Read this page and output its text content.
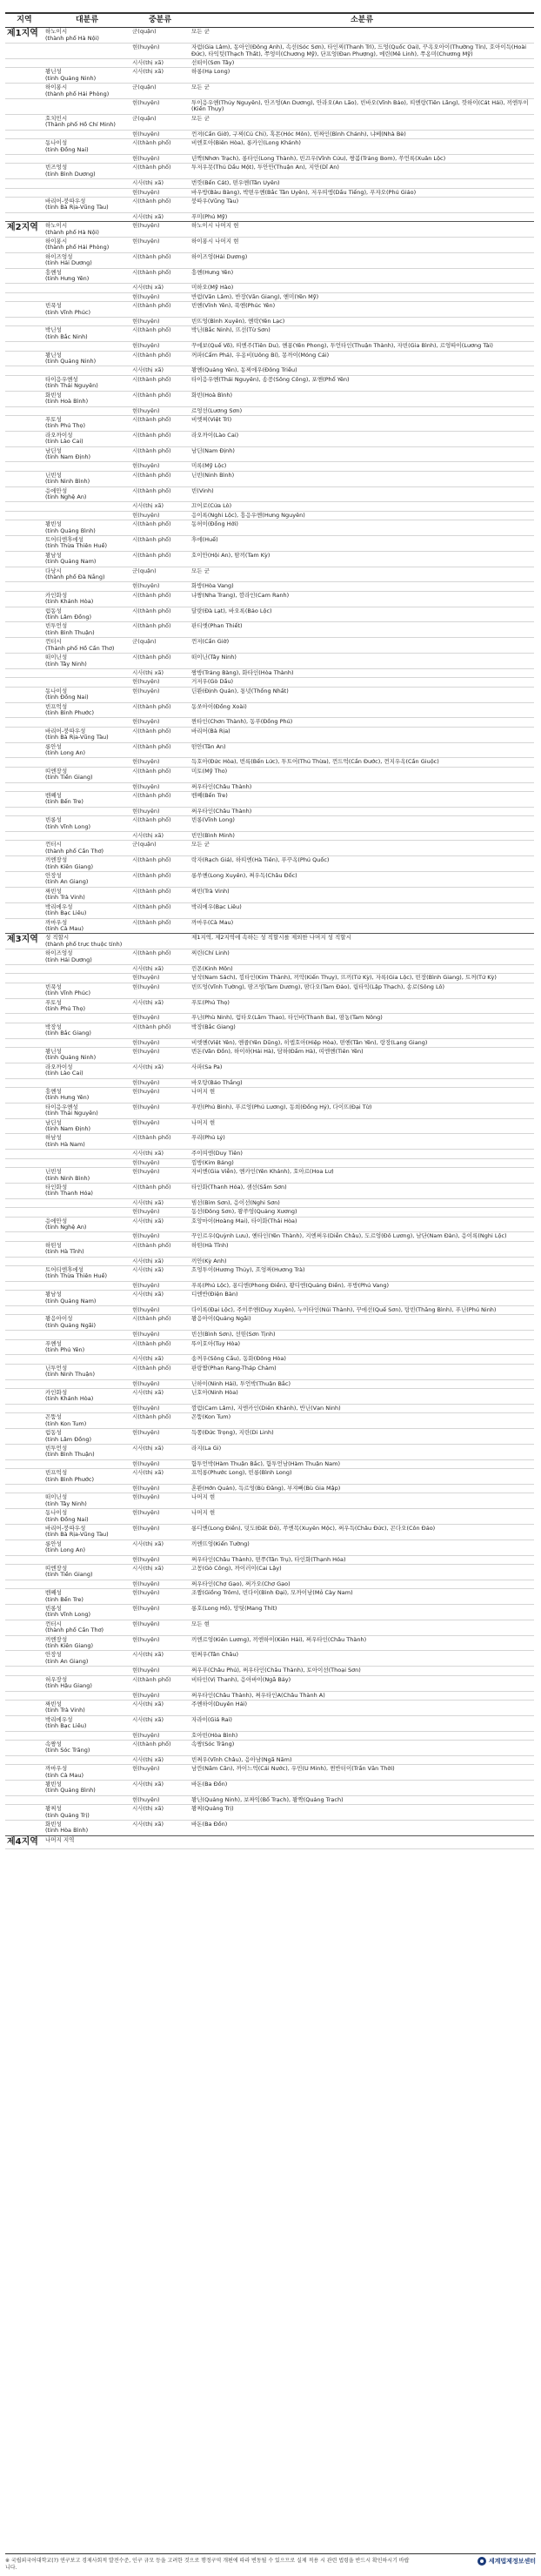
지역	대분류	중분류	소분류
제1지역	하노이시
(thành phố Hà Nội)	군(quận)	모든 군
		현(huyện)	자럼(Gia Lâm), 동아인(Đông Anh), 속선(Sóc Sơn), 타인찌(Thanh Trì), 드엉(Quốc Oai), 꾸옥오아이(Thường Tín), 호아이득(Hoài Đức), 타익텃(Thạch Thất), 쭈엉미(Chương Mỹ), 단프엉(Đan Phượng), 메린(Mê Linh), 쭈옹미(Chương Mỹ)
		시사(thị xã)	선떠이(Sơn Tây)
	꽝닌성
(tỉnh Quảng Ninh)	시사(thị xã)	하롱(Hạ Long)
	하이퐁시
(thành phố Hải Phòng)	군(quận)	모든 군
		현(huyện)	투이응우옌(Thủy Nguyên), 안즈엉(An Dương), 안라오(An Lão), 빈바오(Vĩnh Bảo), 띠엔랑(Tiên Lãng), 깟하이(Cát Hải), 끼엔투이(Kiến Thụy)
	호치민시
(Thành phố Hồ Chí Minh)	군(quận)	모든 군
		현(huyện)	껀져(Cần Giờ), 구찌(Củ Chi), 혹몬(Hóc Môn), 빈짜인(Bình Chánh), 냐베(Nhà Bè)
	동나이성
(tỉnh Đồng Nai)	시(thành phố)	비엔호아(Biên Hòa), 롱카인(Long Khánh)
		현(huyện)	년짝(Nhơn Trạch), 롱타인(Long Thành), 빈끄우(Vĩnh Cửu), 짱봄(Trảng Bom), 쑤언록(Xuân Lộc)
	빈즈엉성
(tỉnh Bình Dương)	시(thành phố)	투저우못(Thủ Dầu Một), 투안안(Thuận An), 지안(Dĩ An)
		시사(thị xã)	번깟(Bến Cát), 떤우옌(Tân Uyên)
		현(huyện)	바우방(Bàu Bàng), 박떤우옌(Bắc Tân Uyên), 저우띠엥(Dầu Tiếng), 푸쟈오(Phú Giáo)
	바리어-붕따우성
(tỉnh Bà Rịa-Vũng Tàu)	시(thành phố)	붕따우(Vũng Tàu)
		시사(thị xã)	푸미(Phú Mỹ)
제2지역	하노이시
(thành phố Hà Nội)	현(huyện)	하노이시 나머지 현
	하이퐁시
(thành phố Hải Phòng)	현(huyện)	하이퐁시 나머지 현
	하이즈엉성
(tỉnh Hải Dương)	시(thành phố)	하이즈엉(Hải Dương)
	흥옌성
(tỉnh Hưng Yên)	시(thành phố)	흥옌(Hưng Yên)
		시사(thị xã)	미하오(Mỹ Hào)
		현(huyện)	반럼(Văn Lâm), 반장(Văn Giang), 옌미(Yên Mỹ)
	빈푹성
(tỉnh Vĩnh Phúc)	시(thành phố)	빈옌(Vĩnh Yên), 푹옌(Phúc Yên)
		현(huyện)	빈뜨엉(Bình Xuyên), 옌락(Yên Lạc)
	박닌성
(tỉnh Bắc Ninh)	시(thành phố)	박닌(Bắc Ninh), 뜨선(Từ Sơn)
		현(huyện)	꾸에보(Quế Võ), 띠엔주(Tiên Du), 옌퐁(Yên Phong), 투언타인(Thuận Thành), 자빈(Gia Bình), 르엉따이(Lương Tài)
	꽝닌성
(tỉnh Quảng Ninh)	시(thành phố)	꺼파(Cẩm Phả), 우옹비(Uông Bí), 몽까이(Móng Cái)
		시사(thị xã)	꽝옌(Quảng Yên), 동찌에우(Đông Triều)
	타이응우옌성
(tỉnh Thái Nguyên)	시(thành phố)	타이응우옌(Thái Nguyên), 송꽁(Sông Công), 포옌(Phổ Yên)
	화빈성
(tỉnh Hoà Bình)	시(thành phố)	화빈(Hoà Bình)
		현(huyện)	르엉선(Lương Sơn)
	푸토성
(tỉnh Phú Thọ)	시(thành phố)	비엣찌(Việt Trì)
	라오까이성
(tỉnh Lào Cai)	시(thành phố)	라오까이(Lào Cai)
	남딘성
(tỉnh Nam Định)	시(thành phố)	남딘(Nam Định)
		현(huyện)	미록(Mỹ Lộc)
	닌빈성
(tỉnh Ninh Bình)	시(thành phố)	닌빈(Ninh Bình)
	응에안성
(tỉnh Nghệ An)	시(thành phố)	빈(Vinh)
		시사(thị xã)	끄어로(Cửa Lò)
		현(huyện)	응이록(Nghi Lộc), 흥응우옌(Hưng Nguyên)
	꽝빈성
(tỉnh Quảng Bình)	시(thành phố)	동허이(Đồng Hới)
	트어티엔후에성
(tỉnh Thừa Thiên Huế)	시(thành phố)	후에(Huế)
	꽝남성
(tỉnh Quảng Nam)	시(thành phố)	호이안(Hội An), 땀끼(Tam Kỳ)
	다낭시
(thành phố Đà Nẵng)	군(quận)	모든 군
		현(huyện)	화방(Hòa Vang)
	카인화성
(tỉnh Khánh Hòa)	시(thành phố)	냐짱(Nha Trang), 깜라인(Cam Ranh)
	럼동성
(tỉnh Lâm Đồng)	시(thành phố)	달랏(Đà Lạt), 바오록(Bảo Lộc)
	빈투언성
(tỉnh Bình Thuận)	시(thành phố)	판티엣(Phan Thiết)
	껀터시
(Thành phố Hồ Cần Thơ)	군(quận)	껀저(Cần Giờ)
	떠이닌성
(tỉnh Tây Ninh)	시(thành phố)	떠이닌(Tây Ninh)
		시사(thị xã)	짱방(Trảng Bàng), 화타인(Hòa Thành)
		현(huyện)	거저우(Gò Dầu)
	동나이성
(tỉnh Đồng Nai)	현(huyện)	딘꽌(Định Quán), 통녓(Thống Nhất)
	빈프억성
(tỉnh Bình Phước)	시(thành phố)	동쏘아이(Đồng Xoài)
		현(huyện)	짠타인(Chơn Thành), 동푸(Đồng Phú)
	바리어-붕따우성
(tỉnh Bà Rịa-Vũng Tàu)	시(thành phố)	바리어(Bà Rịa)
	롱안성
(tỉnh Long An)	시(thành phố)	떤안(Tân An)
		현(huyện)	득호아(Đức Hòa), 번륵(Bến Lức), 투트어(Thủ Thừa), 껀드억(Cần Đước), 껀지우옥(Cần Giuộc)
	띠엔장성
(tỉnh Tiền Giang)	시(thành phố)	미토(Mỹ Tho)
		현(huyện)	쩌우타인(Châu Thành)
	벤째성
(tỉnh Bến Tre)	시(thành phố)	벤째(Bến Tre)
		현(huyện)	쩌우타인(Châu Thành)
	빈롱성
(tỉnh Vĩnh Long)	시(thành phố)	빈롱(Vĩnh Long)
		시사(thị xã)	빈민(Bình Minh)
	껀터시
(thành phố Cần Thơ)	군(quận)	모든 군
	끼엔장성
(tỉnh Kiên Giang)	시(thành phố)	락자(Rạch Giá), 하띠엔(Hà Tiên), 푸꾸옥(Phú Quốc)
	안장성
(tỉnh An Giang)	시(thành phố)	롱쑤옌(Long Xuyên), 쩌우독(Châu Đốc)
	짜빈성
(tỉnh Trà Vinh)	시(thành phố)	짜빈(Trà Vinh)
	박리에우성
(tỉnh Bạc Liêu)	시(thành phố)	박리에우(Bạc Liêu)
	까마우성
(tỉnh Cà Mau)	시(thành phố)	까마우(Cà Mau)
제3지역	성 직할시
(thành phố trực thuộc tỉnh)		제1지역, 제2지역에 속하는 성 직할시를 제외한 나머지 성 직할시
	하이즈엉성
(tỉnh Hải Dương)	시(thành phố)	찌린(Chí Linh)
		시사(thị xã)	낀몬(Kinh Môn)
		현(huyện)	남삭(Nam Sách), 낌타인(Kim Thành), 끼악(Kiến Thụy), 뜨끼(Tứ Kỳ), 자록(Gia Lộc), 빈장(Bình Giang), 트꺼(Tứ Kỳ)
	빈푹성
(tỉnh Vĩnh Phúc)	현(huyện)	빈뜨엉(Vĩnh Tường), 땀즈엉(Tam Dương), 땀다오(Tam Đảo), 립타익(Lập Thạch), 송로(Sông Lô)
	푸토성
(tỉnh Phú Thọ)	시사(thị xã)	푸토(Phú Thọ)
		현(huyện)	푸닌(Phù Ninh), 럼타오(Lâm Thao), 타인바(Thanh Ba), 땀농(Tam Nông)
	박장성
(tỉnh Bắc Giang)	시(thành phố)	박장(Bắc Giang)
		현(huyện)	비엣옌(Việt Yên), 옌즁(Yên Dũng), 히엡호아(Hiệp Hòa), 떤옌(Tân Yên), 랑장(Lạng Giang)
	꽝닌성
(tỉnh Quảng Ninh)	현(huyện)	번돈(Vân Đồn), 하이하(Hải Hà), 담하(Đầm Hà), 띠엔옌(Tiên Yên)
	라오까이성
(tỉnh Lào Cai)	시사(thị xã)	사파(Sa Pa)
		현(huyện)	바오탕(Bảo Thắng)
	흥옌성
(tỉnh Hưng Yên)	현(huyện)	나머지 현
	타이응우옌성
(tỉnh Thái Nguyên)	현(huyện)	푸빈(Phú Bình), 푸르엉(Phú Lương), 동희(Đồng Hỷ), 다이뜨(Đại Từ)
	남딘성
(tỉnh Nam Định)	현(huyện)	나머지 현
	하남성
(tỉnh Hà Nam)	시(thành phố)	푸리(Phủ Lý)
		시사(thị xã)	주이띠엔(Duy Tiên)
		현(huyện)	낌방(Kim Bảng)
	닌빈성
(tỉnh Ninh Bình)	현(huyện)	자비엔(Gia Viễn), 옌카인(Yên Khánh), 호아르(Hoa Lư)
	타인화성
(tỉnh Thanh Hóa)	시(thành phố)	타인화(Thanh Hóa), 샘선(Sầm Sơn)
		시사(thị xã)	빔선(Bỉm Sơn), 응이선(Nghi Sơn)
		현(huyện)	동선(Đông Sơn), 꽝쑤엉(Quảng Xương)
	응에안성
(tỉnh Nghệ An)	시사(thị xã)	호앙마이(Hoàng Mai), 타이화(Thái Hòa)
		현(huyện)	꾸인르우(Quỳnh Lưu), 옌타인(Yên Thành), 지엔쩌우(Diễn Châu), 도르엉(Đô Lương), 남단(Nam Đàn), 응이록(Nghi Lộc)
	하띤성
(tỉnh Hà Tĩnh)	시(thành phố)	하띤(Hà Tĩnh)
		시사(thị xã)	끼안(Kỳ Anh)
	트어티엔후에성
(tỉnh Thừa Thiên Huế)	시사(thị xã)	흐엉투이(Hương Thủy), 흐엉짜(Hương Trà)
		현(huyện)	푸록(Phú Lộc), 퐁디엔(Phong Điền), 꽝디엔(Quảng Điền), 푸방(Phú Vang)
	꽝남성
(tỉnh Quảng Nam)	시사(thị xã)	디엔반(Điện Bàn)
		현(huyện)	다이록(Đại Lộc), 주이쑤옌(Duy Xuyên), 누이타인(Núi Thành), 꾸에선(Quế Sơn), 탕빈(Thăng Bình), 푸닌(Phú Ninh)
	꽝응아이성
(tỉnh Quảng Ngãi)	시(thành phố)	꽝응아이(Quảng Ngãi)
		현(huyện)	빈선(Bình Sơn), 선띤(Sơn Tịnh)
	푸옌성
(tỉnh Phú Yên)	시(thành phố)	뚜이호아(Tuy Hòa)
		시사(thị xã)	송꺼우(Sông Cầu), 동화(Đông Hòa)
	닌투언성
(tỉnh Ninh Thuận)	시(thành phố)	판랑짬(Phan Rang-Tháp Chàm)
		현(huyện)	닌하이(Ninh Hải), 투언박(Thuận Bắc)
	카인화성
(tỉnh Khánh Hòa)	시사(thị xã)	닌호아(Ninh Hòa)
		현(huyện)	깜럼(Cam Lâm), 지엔카인(Diên Khánh), 반닌(Vạn Ninh)
	꼰뚬성
(tỉnh Kon Tum)	시(thành phố)	꼰뚬(Kon Tum)
	럼동성
(tỉnh Lâm Đồng)	현(huyện)	득쫑(Đức Trọng), 지린(Di Linh)
	빈투언성
(tỉnh Bình Thuận)	시사(thị xã)	라지(La Gi)
		현(huyện)	함투언박(Hàm Thuận Bắc), 함투언남(Hàm Thuận Nam)
	빈프억성
(tỉnh Bình Phước)	시사(thị xã)	프억롱(Phước Long), 빈롱(Bình Long)
		현(huyện)	혼꽌(Hớn Quản), 득르엉(Bù Đăng), 부쟈뻐(Bù Gia Mập)
	떠이닌성
(tỉnh Tây Ninh)	현(huyện)	나머지 현
	동나이성
(tỉnh Đồng Nai)	현(huyện)	나머지 현
	바리어-붕따우성
(tỉnh Bà Rịa-Vũng Tàu)	현(huyện)	롱디엔(Long Điền), 덧도(Đất Đỏ), 쑤엔목(Xuyên Mộc), 쩌우득(Châu Đức), 꼰다오(Côn Đảo)
	롱안성
(tỉnh Long An)	시사(thị xã)	끼엔뜨엉(Kiến Tường)
		현(huyện)	쩌우타인(Châu Thành), 떤쭈(Tân Trụ), 타인화(Thạnh Hóa)
	띠엔장성
(tỉnh Tiền Giang)	시사(thị xã)	고꽁(Gò Công), 까이러이(Cai Lậy)
		현(huyện)	쩌우타인(Chợ Gạo), 쩌가오(Chợ Gạo)
	벤째성
(tỉnh Bến Tre)	현(huyện)	조짬(Giồng Trôm), 빈다이(Bình Đại), 모까이남(Mỏ Cày Nam)
	빈롱성
(tỉnh Vĩnh Long)	현(huyện)	롱호(Long Hồ), 망팃(Mang Thít)
	껀터시
(thành phố Cần Thơ)	현(huyện)	모든 현
	끼엔장성
(tỉnh Kiên Giang)	현(huyện)	끼엔르엉(Kiên Lương), 끼엔하이(Kiên Hải), 쩌우타인(Châu Thành)
	안장성
(tỉnh An Giang)	시사(thị xã)	떤쩌우(Tân Châu)
		현(huyện)	쩌우푸(Châu Phú), 쩌우타인(Châu Thành), 토아이선(Thoại Sơn)
	허우장성
(tỉnh Hậu Giang)	시(thành phố)	비타인(Vị Thanh), 응아바이(Ngã Bảy)
		현(huyện)	쩌우타인(Châu Thành), 쩌우타인A(Châu Thành A)
	짜빈성
(tỉnh Trà Vinh)	시사(thị xã)	주옌하이(Duyên Hải)
	박리에우성
(tỉnh Bạc Liêu)	시사(thị xã)	자라이(Giá Rai)
		현(huyện)	호아빈(Hòa Bình)
	속짱성
(tỉnh Sóc Trăng)	시(thành phố)	속짱(Sóc Trăng)
		시사(thị xã)	빈쩌우(Vĩnh Châu), 응아남(Ngã Năm)
	까마우성
(tỉnh Cà Mau)	현(huyện)	남깐(Năm Căn), 까이느억(Cái Nước), 우민(U Minh), 쩐반터이(Trần Văn Thời)
	꽝빈성
(tỉnh Quảng Bình)	시사(thị xã)	바돈(Ba Đồn)
		현(huyện)	꽝닌(Quảng Ninh), 보짜익(Bố Trạch), 꽝짝(Quảng Trạch)
	꽝찌성
(tỉnh Quảng Trị)	시사(thị xã)	꽝찌(Quảng Trị)
	화빈성
(tỉnh Hòa Bình)	시사(thị xã)	바돈(Ba Đồn)
제4지역	나머지 지역		
※ 국립외국어대학교(?) 연구보고 경제사회적 발전수준, 인구 규모 등을 고려한 것으로 행정구역 개편에 따라 변동될 수 있으므로 실제 적용 시 관련 법령을 반드시 확인하시기 바랍니다.
세계법제정보센터
